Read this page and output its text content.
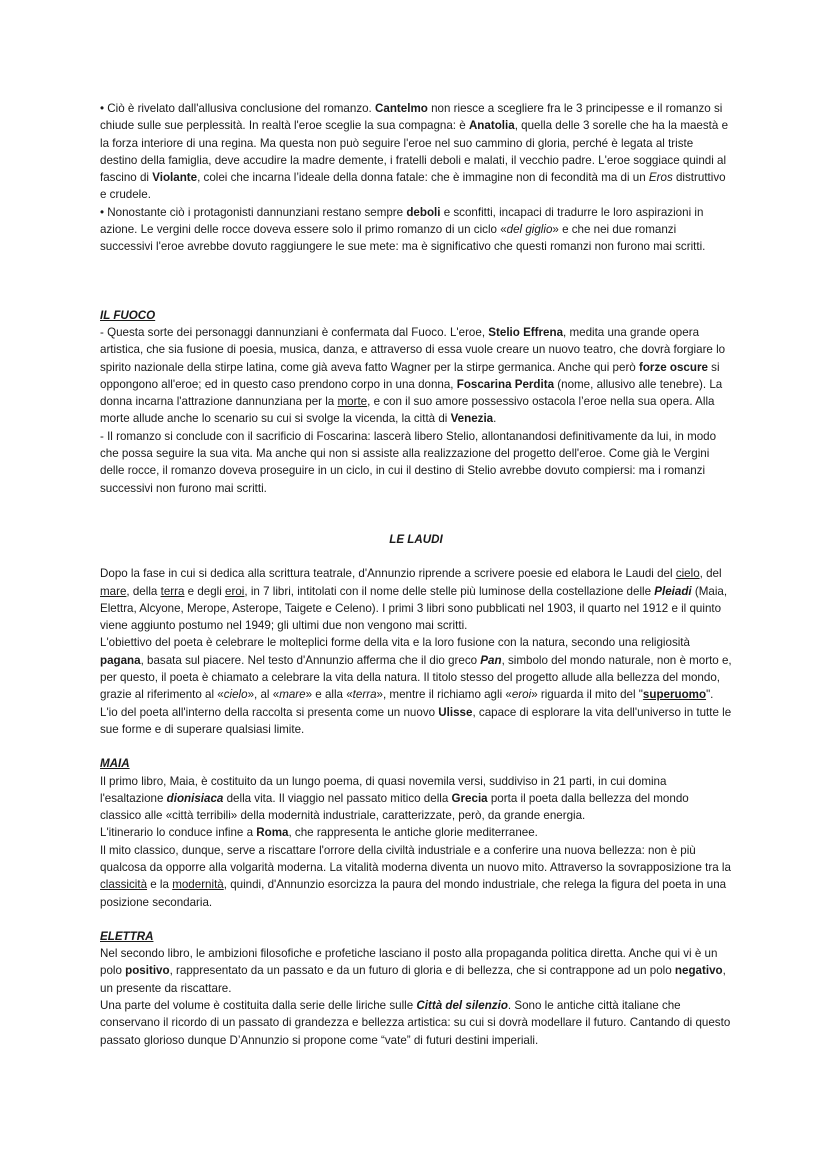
• Ciò è rivelato dall'allusiva conclusione del romanzo. Cantelmo non riesce a scegliere fra le 3 principesse e il romanzo si chiude sulle sue perplessità. In realtà l'eroe sceglie la sua compagna: è Anatolia, quella delle 3 sorelle che ha la maestà e la forza interiore di una regina. Ma questa non può seguire l'eroe nel suo cammino di gloria, perché è legata al triste destino della famiglia, deve accudire la madre demente, i fratelli deboli e malati, il vecchio padre. L'eroe soggiace quindi al fascino di Violante, colei che incarna l’ideale della donna fatale: che è immagine non di fecondità ma di un Eros distruttivo e crudele.

• Nonostante ciò i protagonisti dannunziani restano sempre deboli e sconfitti, incapaci di tradurre le loro aspirazioni in azione. Le vergini delle rocce doveva essere solo il primo romanzo di un ciclo «del giglio» e che nei due romanzi successivi l'eroe avrebbe dovuto raggiungere le sue mete: ma è significativo che questi romanzi non furono mai scritti.

IL FUOCO

- Questa sorte dei personaggi dannunziani è confermata dal Fuoco. L'eroe, Stelio Effrena, medita una grande opera artistica, che sia fusione di poesia, musica, danza, e attraverso di essa vuole creare un nuovo teatro, che dovrà forgiare lo spirito nazionale della stirpe latina, come già aveva fatto Wagner per la stirpe germanica. Anche qui però forze oscure si oppongono all'eroe; ed in questo caso prendono corpo in una donna, Foscarina Perdita (nome, allusivo alle tenebre). La donna incarna l'attrazione dannunziana per la morte, e con il suo amore possessivo ostacola l’eroe nella sua opera. Alla morte allude anche lo scenario su cui si svolge la vicenda, la città di Venezia.

- Il romanzo si conclude con il sacrificio di Foscarina: lascerà libero Stelio, allontanandosi definitivamente da lui, in modo che possa seguire la sua vita. Ma anche qui non si assiste alla realizzazione del progetto dell'eroe. Come già le Vergini delle rocce, il romanzo doveva proseguire in un ciclo, in cui il destino di Stelio avrebbe dovuto compiersi: ma i romanzi successivi non furono mai scritti.

LE LAUDI

Dopo la fase in cui si dedica alla scrittura teatrale, d'Annunzio riprende a scrivere poesie ed elabora le Laudi del cielo, del mare, della terra e degli eroi, in 7 libri, intitolati con il nome delle stelle più luminose della costellazione delle Pleiadi (Maia, Elettra, Alcyone, Merope, Asterope, Taigete e Celeno). I primi 3 libri sono pubblicati nel 1903, il quarto nel 1912 e il quinto viene aggiunto postumo nel 1949; gli ultimi due non vengono mai scritti.

L'obiettivo del poeta è celebrare le molteplici forme della vita e la loro fusione con la natura, secondo una religiosità pagana, basata sul piacere. Nel testo d'Annunzio afferma che il dio greco Pan, simbolo del mondo naturale, non è morto e, per questo, il poeta è chiamato a celebrare la vita della natura. Il titolo stesso del progetto allude alla bellezza del mondo, grazie al riferimento al «cielo», al «mare» e alla «terra», mentre il richiamo agli «eroi» riguarda il mito del "superuomo". L'io del poeta all'interno della raccolta si presenta come un nuovo Ulisse, capace di esplorare la vita dell'universo in tutte le sue forme e di superare qualsiasi limite.

MAIA

Il primo libro, Maia, è costituito da un lungo poema, di quasi novemila versi, suddiviso in 21 parti, in cui domina l'esaltazione dionisiaca della vita. Il viaggio nel passato mitico della Grecia porta il poeta dalla bellezza del mondo classico alle «città terribili» della modernità industriale, caratterizzate, però, da grande energia.

L'itinerario lo conduce infine a Roma, che rappresenta le antiche glorie mediterranee.

Il mito classico, dunque, serve a riscattare l'orrore della civiltà industriale e a conferire una nuova bellezza: non è più qualcosa da opporre alla volgarità moderna. La vitalità moderna diventa un nuovo mito. Attraverso la sovrapposizione tra la classicità e la modernità, quindi, d'Annunzio esorcizza la paura del mondo industriale, che relega la figura del poeta in una posizione secondaria.

ELETTRA

Nel secondo libro, le ambizioni filosofiche e profetiche lasciano il posto alla propaganda politica diretta. Anche qui vi è un polo positivo, rappresentato da un passato e da un futuro di gloria e di bellezza, che si contrappone ad un polo negativo, un presente da riscattare.

Una parte del volume è costituita dalla serie delle liriche sulle Città del silenzio. Sono le antiche città italiane che conservano il ricordo di un passato di grandezza e bellezza artistica: su cui si dovrà modellare il futuro. Cantando di questo passato glorioso dunque D’Annunzio si propone come “vate” di futuri destini imperiali.
